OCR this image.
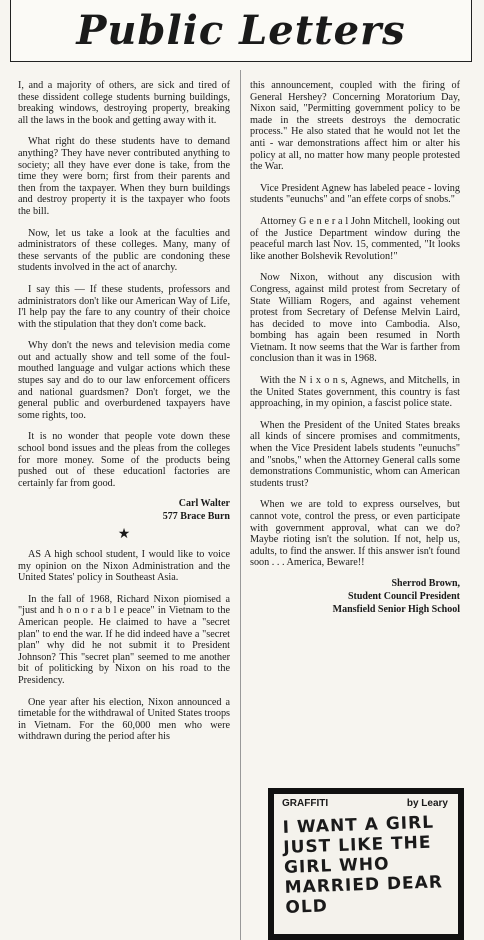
Public Letters

I, and a majority of others, are sick and tired of these dissident college students burning buildings, breaking windows, destroying property, breaking all the laws in the book and getting away with it.

What right do these students have to demand anything? They have never contributed anything to society; all they have ever done is take, from the time they were born; first from their parents and then from the taxpayer. When they burn buildings and destroy property it is the taxpayer who foots the bill.

Now, let us take a look at the faculties and administrators of these colleges. Many, many of these servants of the public are condoning these students involved in the act of anarchy.

I say this — If these students, professors and administrators don't like our American Way of Life, I'l help pay the fare to any country of their choice with the stipulation that they don't come back.

Why don't the news and television media come out and actually show and tell some of the foul-mouthed language and vulgar actions which these stupes say and do to our law enforcement officers and national guardsmen? Don't forget, we the general public and overburdened taxpayers have some rights, too.

It is no wonder that people vote down these school bond issues and the pleas from the colleges for more money. Some of the products being pushed out of these educationl factories are certainly far from good.

Carl Walter
577 Brace Burn
★

AS A high school student, I would like to voice my opinion on the Nixon Administration and the United States' policy in Southeast Asia.

In the fall of 1968, Richard Nixon piomised a "just and h o n o r a b l e peace" in Vietnam to the American people. He claimed to have a "secret plan" to end the war. If he did indeed have a "secret plan" why did he not submit it to President Johnson? This "secret plan" seemed to me another bit of politicking by Nixon on his road to the Presidency.

One year after his election, Nixon announced a timetable for the withdrawal of United States troops in Vietnam. For the 60,000 men who were withdrawn during the period after his

this announcement, coupled with the firing of General Hershey? Concerning Moratorium Day, Nixon said, "Permitting government policy to be made in the streets destroys the democratic process." He also stated that he would not let the anti - war demonstrations affect him or alter his policy at all, no matter how many people protested the War.

Vice President Agnew has labeled peace - loving students "eunuchs" and "an effete corps of snobs."

Attorney G e n e r a l John Mitchell, looking out of the Justice Department window during the peaceful march last Nov. 15, commented, "It looks like another Bolshevik Revolution!"

Now Nixon, without any discusion with Congress, against mild protest from Secretary of State William Rogers, and against vehement protest from Secretary of Defense Melvin Laird, has decided to move into Cambodia. Also, bombing has again been resumed in North Vietnam. It now seems that the War is farther from conclusion than it was in 1968.

With the N i x o n s, Agnews, and Mitchells, in the United States government, this country is fast approaching, in my opinion, a fascist police state.

When the President of the United States breaks all kinds of sincere promises and commitments, when the Vice President labels students "eunuchs" and "snobs," when the Attorney General calls some demonstrations Communistic, whom can American students trust?

When we are told to express ourselves, but cannot vote, control the press, or even participate with government approval, what can we do? Maybe rioting isn't the solution. If not, help us, adults, to find the answer. If this answer isn't found soon . . . America, Beware!!

Sherrod Brown,
Student Council President
Mansfield Senior High School
GRAFFITI	by Leary
I WANT A GIRL JUST LIKE THE GIRL WHO MARRIED DEAR OLD
